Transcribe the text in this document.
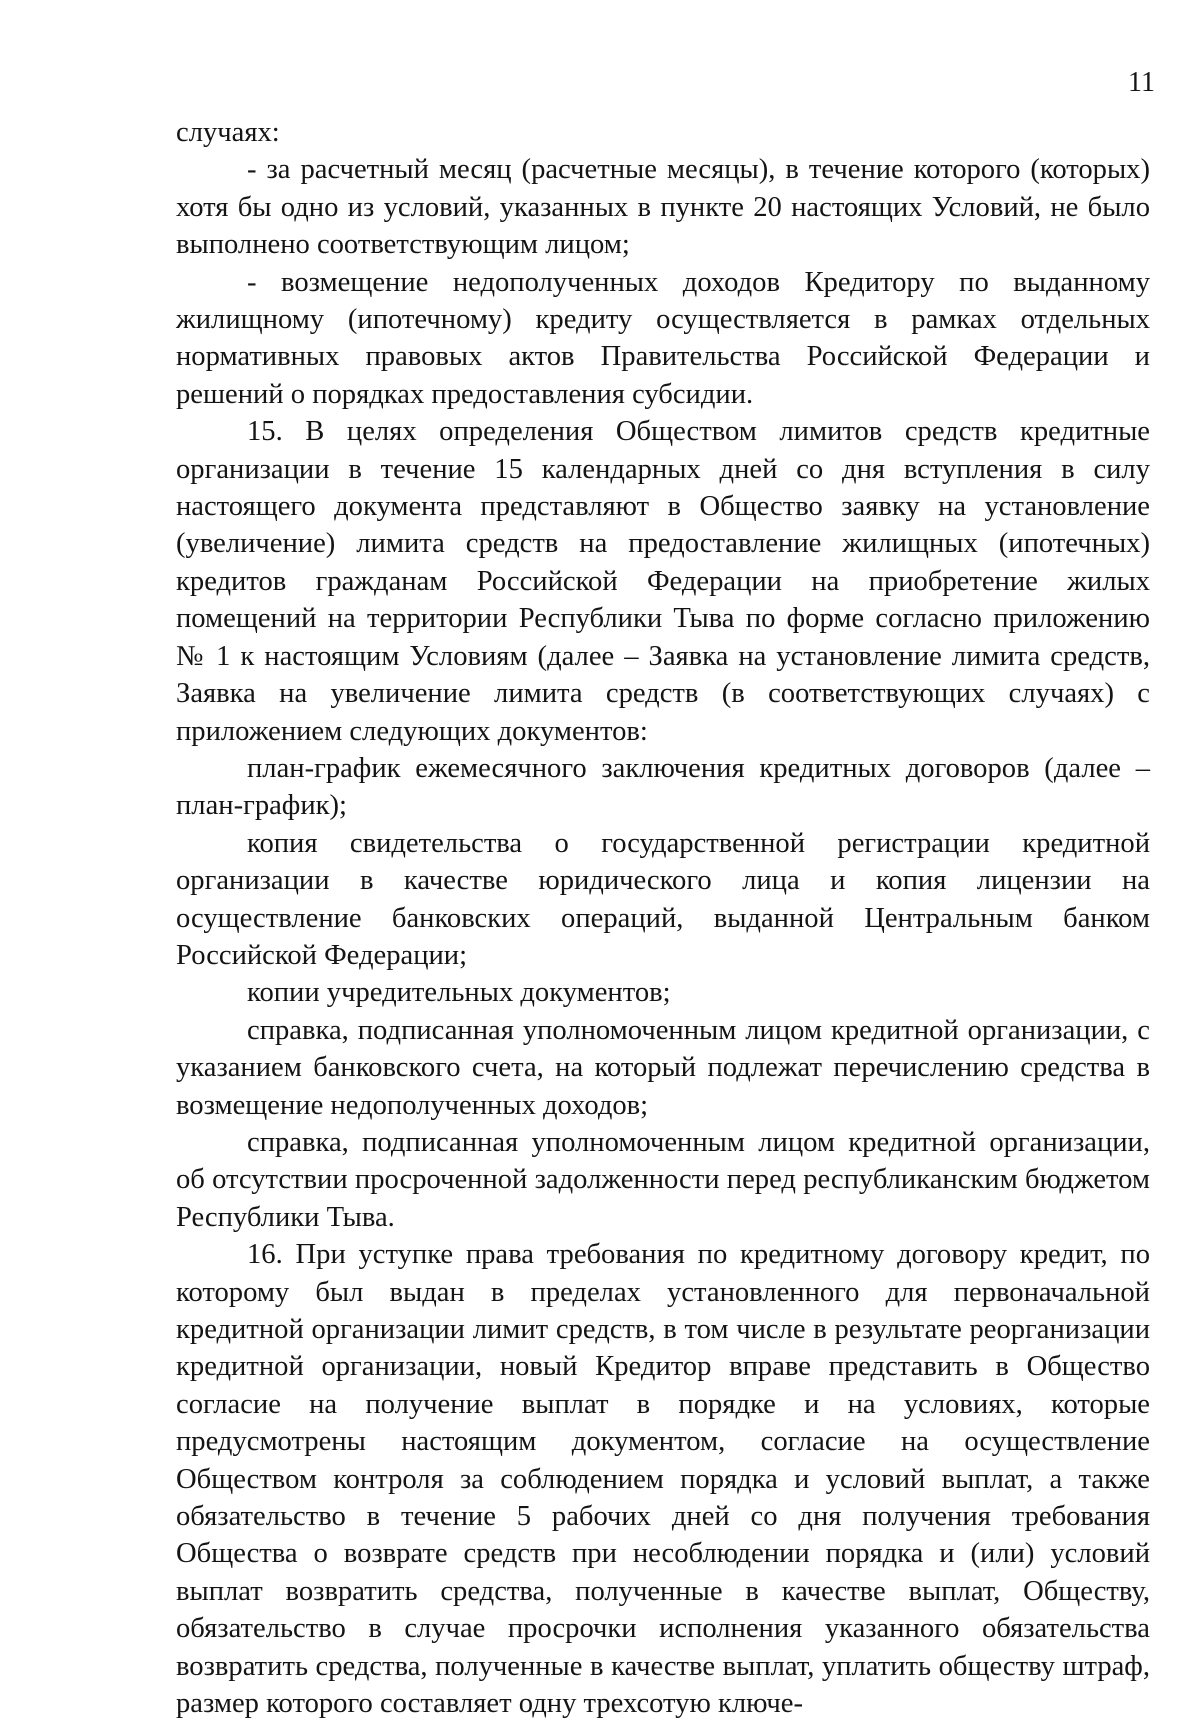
11

случаях:

- за расчетный месяц (расчетные месяцы), в течение которого (которых) хотя бы одно из условий, указанных в пункте 20 настоящих Условий, не было выполнено соответствующим лицом;

- возмещение недополученных доходов Кредитору по выданному жилищному (ипотечному) кредиту осуществляется в рамках отдельных нормативных правовых актов Правительства Российской Федерации и решений о порядках предоставления субсидии.

15. В целях определения Обществом лимитов средств кредитные организации в течение 15 календарных дней со дня вступления в силу настоящего документа представляют в Общество заявку на установление (увеличение) лимита средств на предоставление жилищных (ипотечных) кредитов гражданам Российской Федерации на приобретение жилых помещений на территории Республики Тыва по форме согласно приложению № 1 к настоящим Условиям (далее – Заявка на установление лимита средств, Заявка на увеличение лимита средств (в соответствующих случаях) с приложением следующих документов:

план-график ежемесячного заключения кредитных договоров (далее – план-график);

копия свидетельства о государственной регистрации кредитной организации в качестве юридического лица и копия лицензии на осуществление банковских операций, выданной Центральным банком Российской Федерации;

копии учредительных документов;

справка, подписанная уполномоченным лицом кредитной организации, с указанием банковского счета, на который подлежат перечислению средства в возмещение недополученных доходов;

справка, подписанная уполномоченным лицом кредитной организации, об отсутствии просроченной задолженности перед республиканским бюджетом Республики Тыва.

16. При уступке права требования по кредитному договору кредит, по которому был выдан в пределах установленного для первоначальной кредитной организации лимит средств, в том числе в результате реорганизации кредитной организации, новый Кредитор вправе представить в Общество согласие на получение выплат в порядке и на условиях, которые предусмотрены настоящим документом, согласие на осуществление Обществом контроля за соблюдением порядка и условий выплат, а также обязательство в течение 5 рабочих дней со дня получения требования Общества о возврате средств при несоблюдении порядка и (или) условий выплат возвратить средства, полученные в качестве выплат, Обществу, обязательство в случае просрочки исполнения указанного обязательства возвратить средства, полученные в качестве выплат, уплатить обществу штраф, размер которого составляет одну трехсотую ключе-
